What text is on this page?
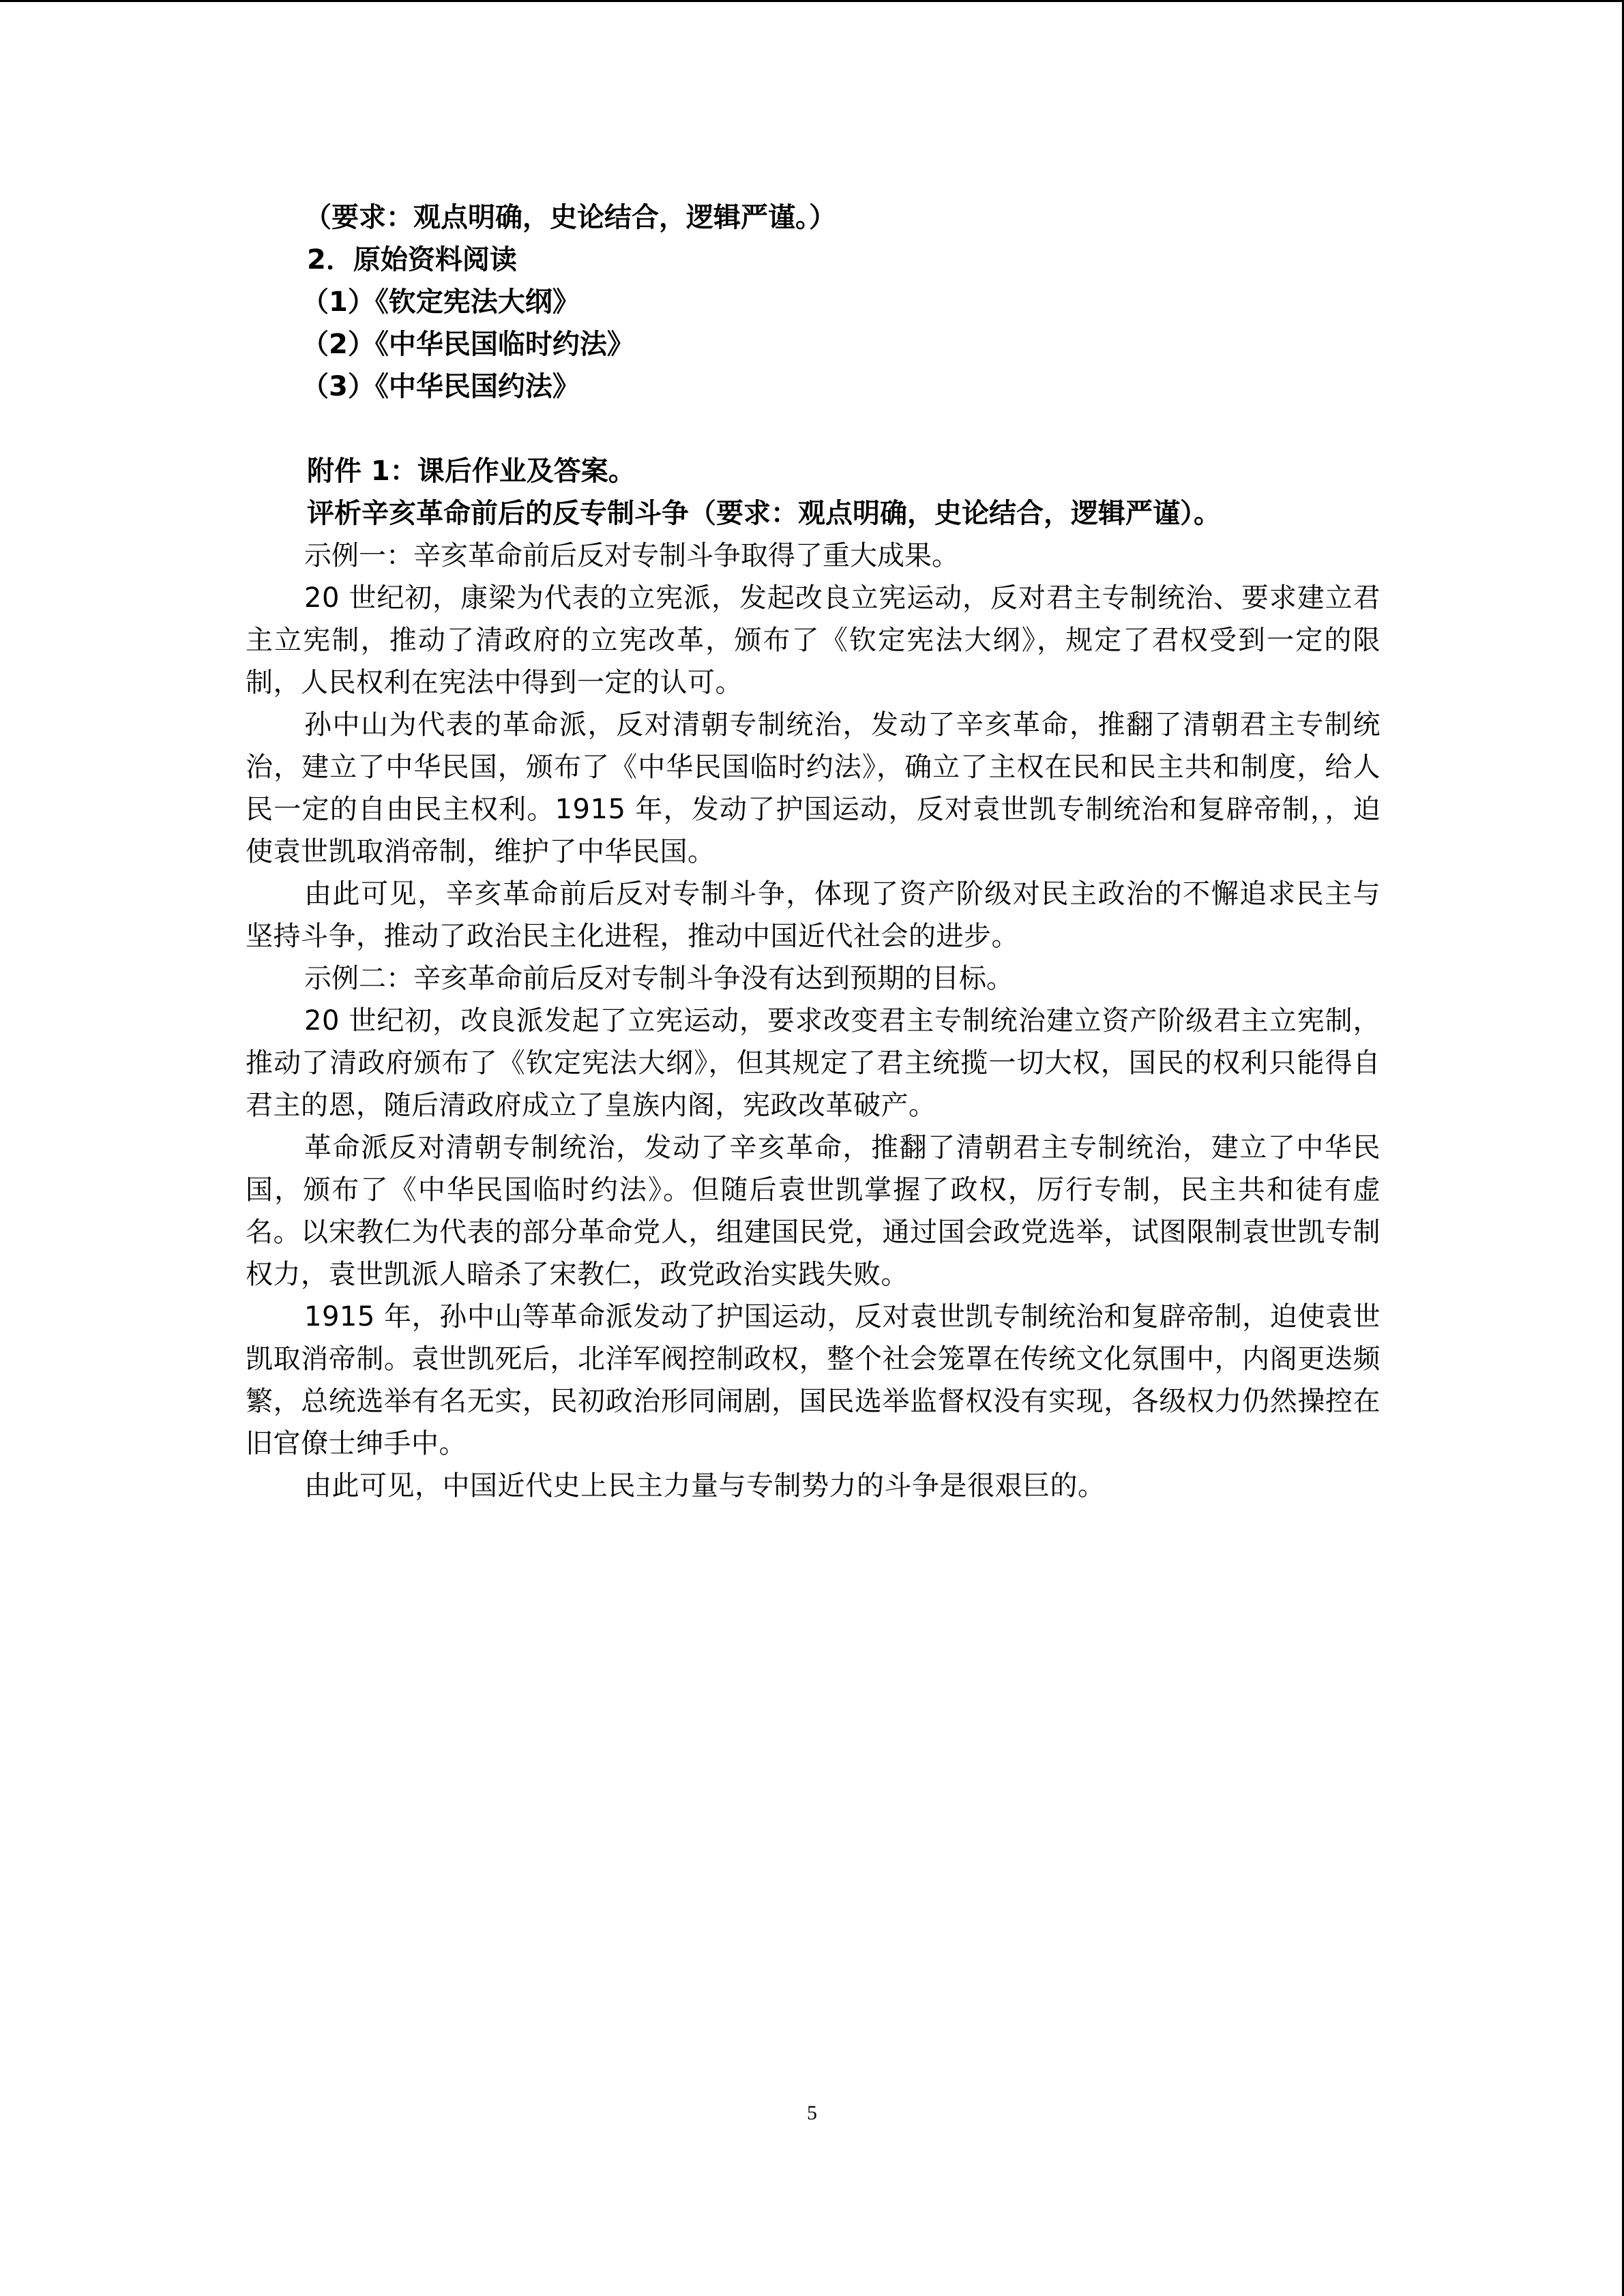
（要求：观点明确，史论结合，逻辑严谨。）

2．原始资料阅读

（1）《钦定宪法大纲》

（2）《中华民国临时约法》

（3）《中华民国约法》

附件 1：课后作业及答案。

评析辛亥革命前后的反专制斗争（要求：观点明确，史论结合，逻辑严谨）。

示例一：辛亥革命前后反对专制斗争取得了重大成果。

20 世纪初，康梁为代表的立宪派，发起改良立宪运动，反对君主专制统治、要求建立君主立宪制，推动了清政府的立宪改革，颁布了《钦定宪法大纲》，规定了君权受到一定的限制，人民权利在宪法中得到一定的认可。

孙中山为代表的革命派，反对清朝专制统治，发动了辛亥革命，推翻了清朝君主专制统治，建立了中华民国，颁布了《中华民国临时约法》，确立了主权在民和民主共和制度，给人民一定的自由民主权利。1915 年，发动了护国运动，反对袁世凯专制统治和复辟帝制，，迫使袁世凯取消帝制，维护了中华民国。

由此可见，辛亥革命前后反对专制斗争，体现了资产阶级对民主政治的不懈追求民主与坚持斗争，推动了政治民主化进程，推动中国近代社会的进步。

示例二：辛亥革命前后反对专制斗争没有达到预期的目标。

20 世纪初，改良派发起了立宪运动，要求改变君主专制统治建立资产阶级君主立宪制，推动了清政府颁布了《钦定宪法大纲》，但其规定了君主统揽一切大权，国民的权利只能得自君主的恩，随后清政府成立了皇族内阁，宪政改革破产。

革命派反对清朝专制统治，发动了辛亥革命，推翻了清朝君主专制统治，建立了中华民国，颁布了《中华民国临时约法》。但随后袁世凯掌握了政权，厉行专制，民主共和徒有虚名。以宋教仁为代表的部分革命党人，组建国民党，通过国会政党选举，试图限制袁世凯专制权力，袁世凯派人暗杀了宋教仁，政党政治实践失败。

1915 年，孙中山等革命派发动了护国运动，反对袁世凯专制统治和复辟帝制，迫使袁世凯取消帝制。袁世凯死后，北洋军阀控制政权，整个社会笼罩在传统文化氛围中，内阁更迭频繁，总统选举有名无实，民初政治形同闹剧，国民选举监督权没有实现，各级权力仍然操控在旧官僚士绅手中。

由此可见，中国近代史上民主力量与专制势力的斗争是很艰巨的。

5
